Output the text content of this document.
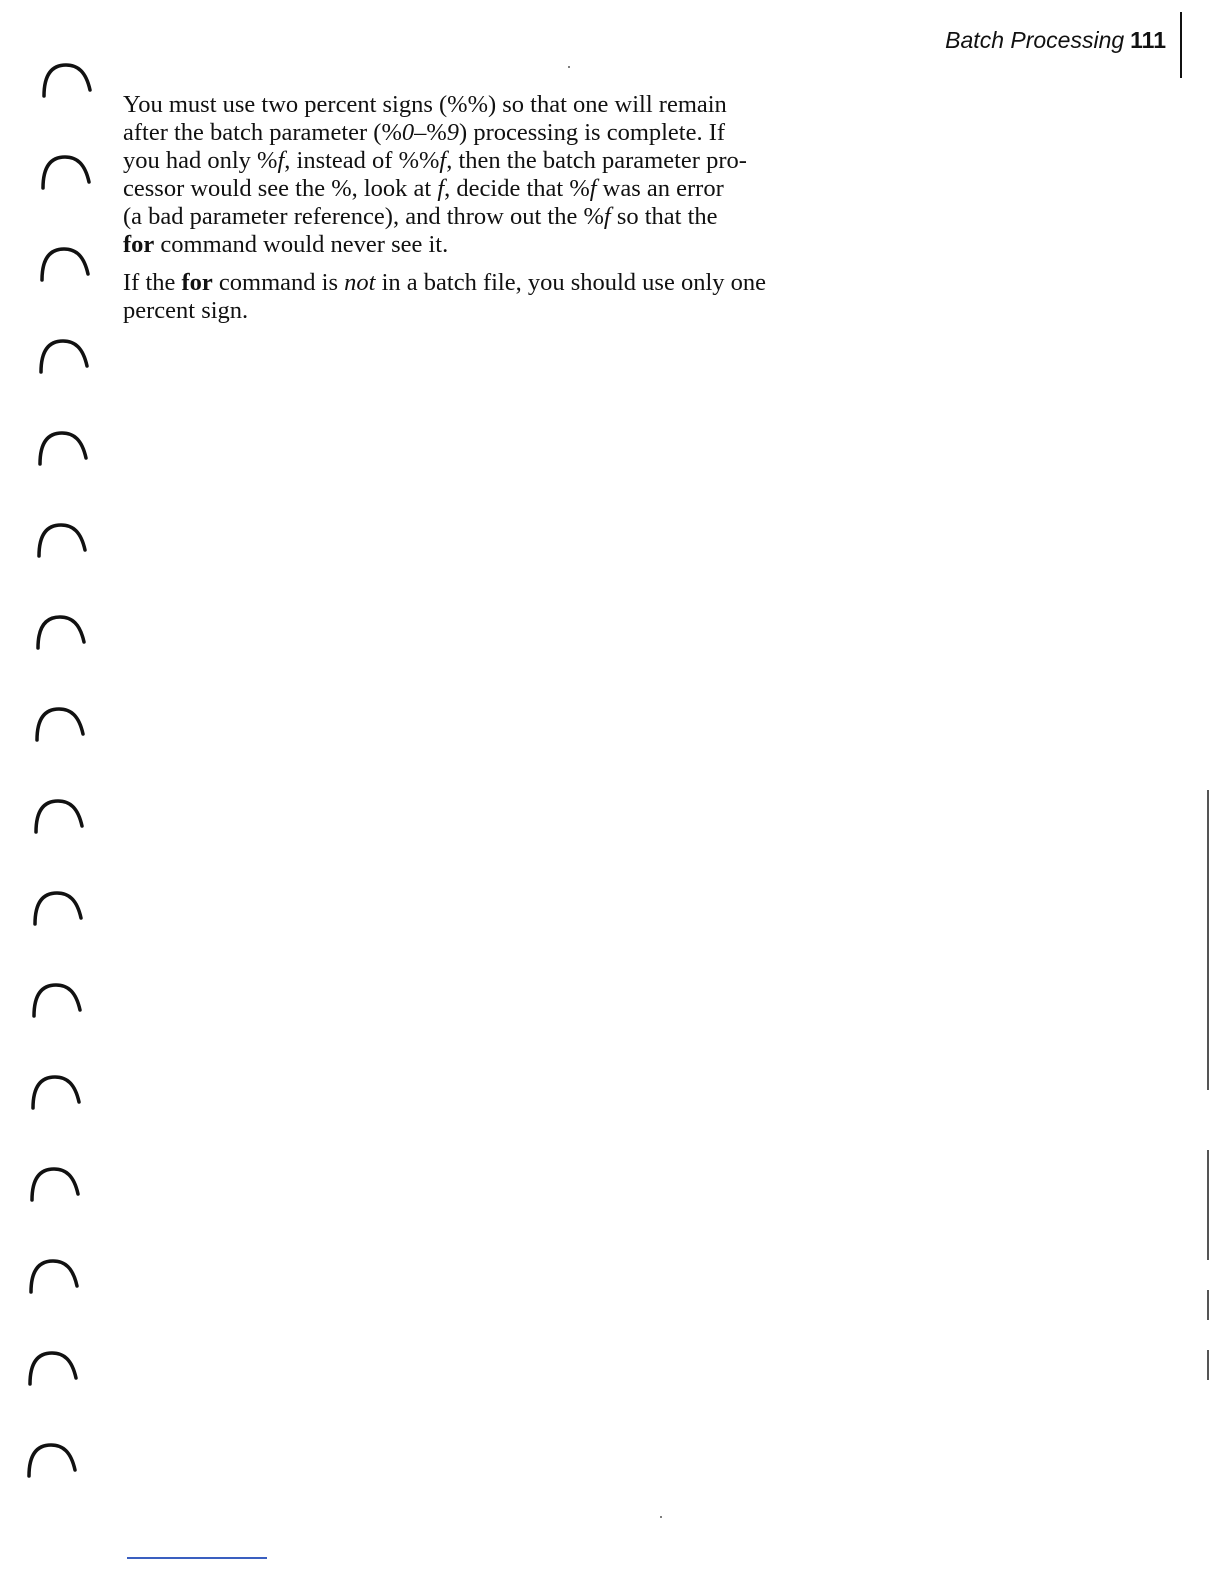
Batch Processing 111

You must use two percent signs (%%) so that one will remain
after the batch parameter (%0–%9) processing is complete. If
you had only %f, instead of %%f, then the batch parameter pro-
cessor would see the %, look at f, decide that %f was an error
(a bad parameter reference), and throw out the %f so that the
for command would never see it.

If the for command is not in a batch file, you should use only one
percent sign.
